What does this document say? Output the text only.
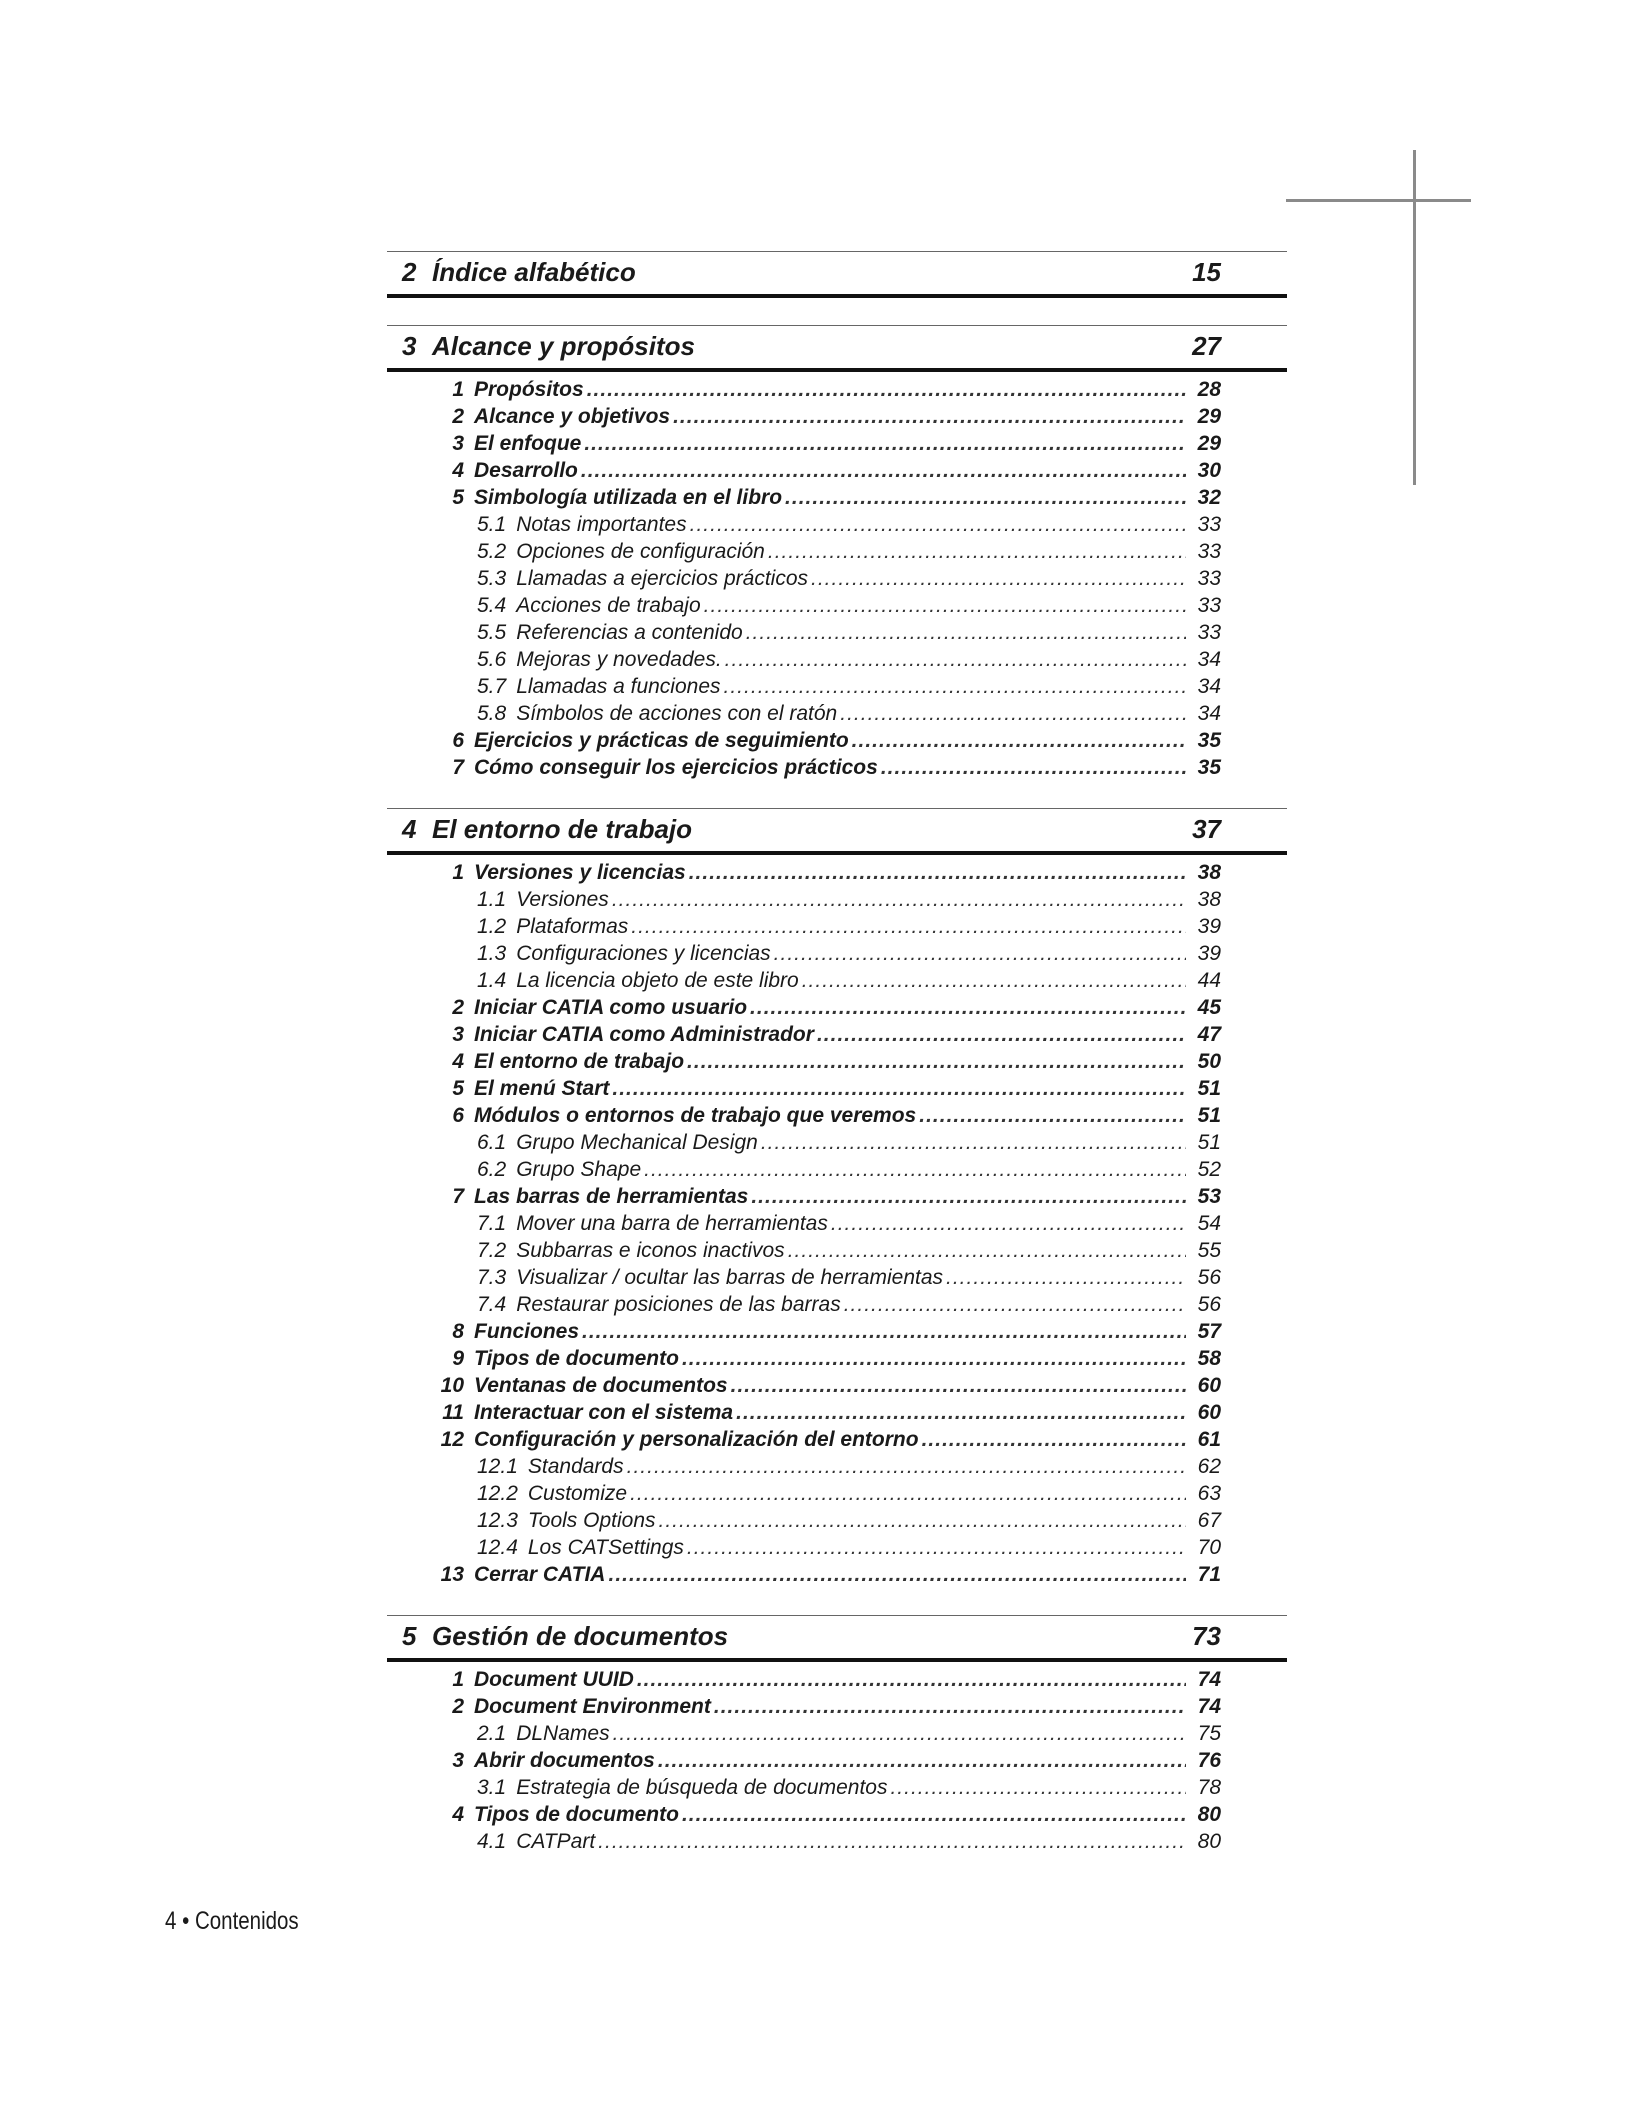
2 Índice alfabético	15
3 Alcance y propósitos	27
1 Propósitos .....	28
2 Alcance y objetivos .....	29
3 El enfoque .....	29
4 Desarrollo .....	30
5 Simbología utilizada en el libro .....	32
5.1 Notas importantes .....	33
5.2 Opciones de configuración .....	33
5.3 Llamadas a ejercicios prácticos .....	33
5.4 Acciones de trabajo .....	33
5.5 Referencias a contenido .....	33
5.6 Mejoras y novedades. .....	34
5.7 Llamadas a funciones .....	34
5.8 Símbolos de acciones con el ratón .....	34
6 Ejercicios y prácticas de seguimiento .....	35
7 Cómo conseguir los ejercicios prácticos .....	35
4 El entorno de trabajo	37
1 Versiones y licencias .....	38
1.1 Versiones .....	38
1.2 Plataformas .....	39
1.3 Configuraciones y licencias .....	39
1.4 La licencia objeto de este libro .....	44
2 Iniciar CATIA como usuario .....	45
3 Iniciar CATIA como Administrador .....	47
4 El entorno de trabajo .....	50
5 El menú Start .....	51
6 Módulos o entornos de trabajo que veremos .....	51
6.1 Grupo Mechanical Design .....	51
6.2 Grupo Shape .....	52
7 Las barras de herramientas .....	53
7.1 Mover una barra de herramientas .....	54
7.2 Subbarras e iconos inactivos .....	55
7.3 Visualizar / ocultar las barras de herramientas .....	56
7.4 Restaurar posiciones de las barras .....	56
8 Funciones .....	57
9 Tipos de documento .....	58
10 Ventanas de documentos .....	60
11 Interactuar con el sistema .....	60
12 Configuración y personalización del entorno .....	61
12.1 Standards .....	62
12.2 Customize .....	63
12.3 Tools Options .....	67
12.4 Los CATSettings .....	70
13 Cerrar CATIA .....	71
5 Gestión de documentos	73
1 Document UUID .....	74
2 Document Environment .....	74
2.1 DLNames .....	75
3 Abrir documentos .....	76
3.1 Estrategia de búsqueda de documentos .....	78
4 Tipos de documento .....	80
4.1 CATPart .....	80
4 • Contenidos
